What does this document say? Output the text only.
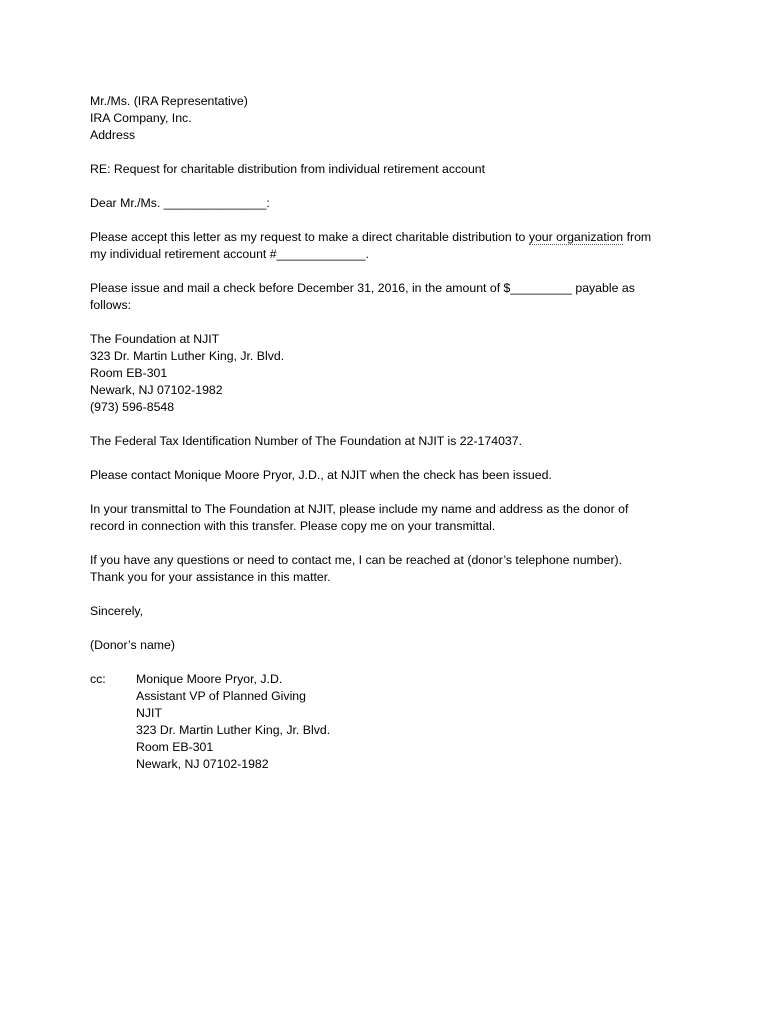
Mr./Ms. (IRA Representative)
IRA Company, Inc.
Address
RE: Request for charitable distribution from individual retirement account
Dear Mr./Ms. _______________:
Please accept this letter as my request to make a direct charitable distribution to your organization from
my individual retirement account #_____________.
Please issue and mail a check before December 31, 2016, in the amount of $_________ payable as
follows:
The Foundation at NJIT
323 Dr. Martin Luther King, Jr. Blvd.
Room EB-301
Newark, NJ 07102-1982
(973) 596-8548
The Federal Tax Identification Number of The Foundation at NJIT is 22-174037.
Please contact Monique Moore Pryor, J.D., at NJIT when the check has been issued.
In your transmittal to The Foundation at NJIT, please include my name and address as the donor of
record in connection with this transfer. Please copy me on your transmittal.
If you have any questions or need to contact me, I can be reached at (donor’s telephone number).
Thank you for your assistance in this matter.
Sincerely,
(Donor’s name)
cc:	Monique Moore Pryor, J.D.
Assistant VP of Planned Giving
NJIT
323 Dr. Martin Luther King, Jr. Blvd.
Room EB-301
Newark, NJ 07102-1982
